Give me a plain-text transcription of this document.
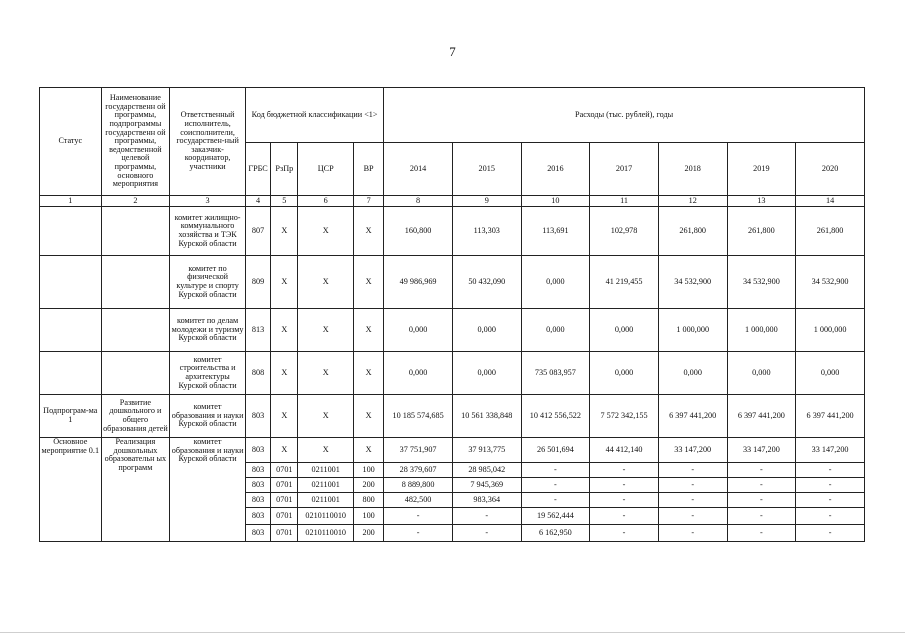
7
Статус	Наименование государственн ой программы, подпрограммы государственн ой программы, ведомственной целевой программы, основного мероприятия	Ответственный исполнитель, соисполнители, государствен-ный заказчик-координатор, участники	Код бюджетной классификации <1>				Расходы (тыс. рублей), годы						
			ГРБС	РзПр	ЦСР	ВР	2014	2015	2016	2017	2018	2019	2020
1	2	3	4	5	6	7	8	9	10	11	12	13	14
		комитет жилищно-коммунального хозяйства и ТЭК Курской области	807	Х	Х	Х	160,800	113,303	113,691	102,978	261,800	261,800	261,800
		комитет по физической культуре и спорту Курской области	809	Х	Х	Х	49 986,969	50 432,090	0,000	41 219,455	34 532,900	34 532,900	34 532,900
		комитет по делам молодежи и туризму Курской области	813	Х	Х	Х	0,000	0,000	0,000	0,000	1 000,000	1 000,000	1 000,000
		комитет строительства и архитектуры Курской области	808	Х	Х	Х	0,000	0,000	735 083,957	0,000	0,000	0,000	0,000
Подпрограм-ма 1	Развитие дошкольного и общего образования детей	комитет образования и науки Курской области	803	Х	Х	Х	10 185 574,685	10 561 338,848	10 412 556,522	7 572 342,155	6 397 441,200	6 397 441,200	6 397 441,200
Основное мероприятие 0.1	Реализация дошкольных образовательн ых программ	комитет образования и науки Курской области	803	Х	Х	Х	37 751,907	37 913,775	26 501,694	44 412,140	33 147,200	33 147,200	33 147,200
			803	0701	0211001	100	28 379,607	28 985,042	-	-	-	-	-
			803	0701	0211001	200	8 889,800	7 945,369	-	-	-	-	-
			803	0701	0211001	800	482,500	983,364	-	-	-	-	-
			803	0701	0210110010	100	-	-	19 562,444	-	-	-	-
			803	0701	0210110010	200	-	-	6 162,950	-	-	-	-
